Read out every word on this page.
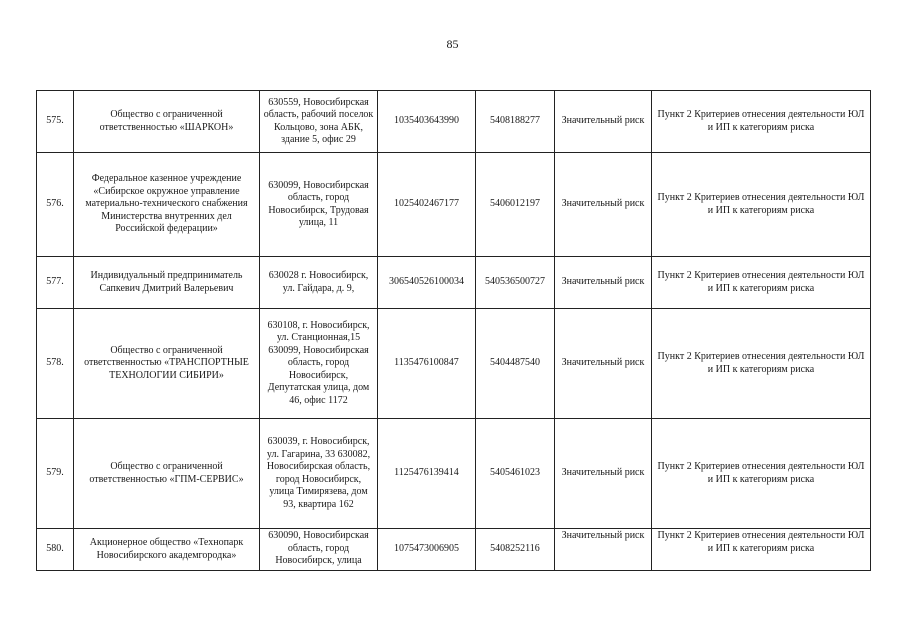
85
575.	Общество с ограниченной ответственностью «ШАРКОН»	630559, Новосибирская область, рабочий поселок Кольцово, зона АБК, здание 5, офис 29	1035403643990	5408188277	Значительный риск	Пункт 2 Критериев отнесения деятельности ЮЛ и ИП к категориям риска
576.	Федеральное казенное учреждение «Сибирское окружное управление материально-технического снабжения Министерства внутренних дел Российской федерации»	630099, Новосибирская область, город Новосибирск, Трудовая улица, 11	1025402467177	5406012197	Значительный риск	Пункт 2 Критериев отнесения деятельности ЮЛ и ИП к категориям риска
577.	Индивидуальный предприниматель Сапкевич Дмитрий Валерьевич	630028 г. Новосибирск, ул. Гайдара, д. 9,	306540526100034	540536500727	Значительный риск	Пункт 2 Критериев отнесения деятельности ЮЛ и ИП к категориям риска
578.	Общество с ограниченной ответственностью «ТРАНСПОРТНЫЕ ТЕХНОЛОГИИ СИБИРИ»	630108, г. Новосибирск, ул. Станционная,15 630099, Новосибирская область, город Новосибирск, Депутатская улица, дом 46, офис 1172	1135476100847	5404487540	Значительный риск	Пункт 2 Критериев отнесения деятельности ЮЛ и ИП к категориям риска
579.	Общество с ограниченной ответственностью «ГПМ-СЕРВИС»	630039, г. Новосибирск, ул. Гагарина, 33 630082, Новосибирская область, город Новосибирск, улица Тимирязева, дом 93, квартира 162	1125476139414	5405461023	Значительный риск	Пункт 2 Критериев отнесения деятельности ЮЛ и ИП к категориям риска
580.	Акционерное общество «Технопарк Новосибирского академгородка»	630090, Новосибирская область, город Новосибирск, улица	1075473006905	5408252116	Значительный риск	Пункт 2 Критериев отнесения деятельности ЮЛ и ИП к категориям риска
